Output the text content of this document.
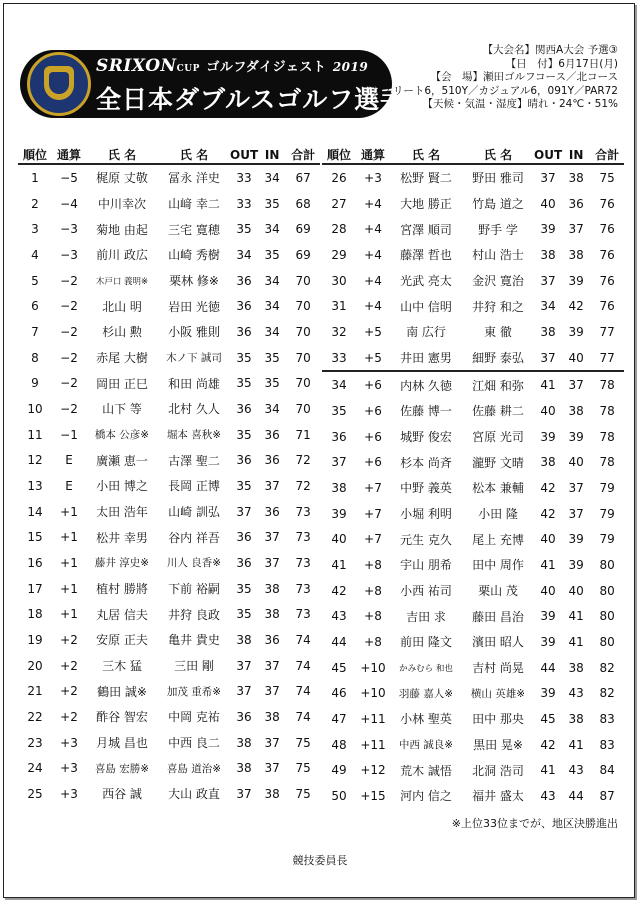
SRIXONCUP ゴルフダイジェスト 2019
全日本ダブルスゴルフ選手権
【大会名】関西A大会 予選③
【日　付】6月17日(月)
【会　場】瀬田ゴルフコース／北コース
アスリート6，510Y／カジュアル6，091Y／PAR72
【天候・気温・湿度】晴れ・24℃・51%
順位	通算	氏 名	氏 名	OUT	IN	合計
1	−5	梶原 丈敬	冨永 洋史	33	34	67
2	−4	中川幸次	山﨑 幸二	33	35	68
3	−3	菊地 由起	三宅 寛穂	35	34	69
4	−3	前川 政広	山崎 秀樹	34	35	69
5	−2	木戸口 義明※	栗林 修※	36	34	70
6	−2	北山 明	岩田 光徳	36	34	70
7	−2	杉山 勲	小阪 雅則	36	34	70
8	−2	赤尾 大樹	木ノ下 誠司	35	35	70
9	−2	岡田 正巳	和田 尚雄	35	35	70
10	−2	山下 等	北村 久人	36	34	70
11	−1	橋本 公彦※	堀本 喜秋※	35	36	71
12	E	廣瀬 恵一	古澤 聖二	36	36	72
13	E	小田 博之	長岡 正博	35	37	72
14	+1	太田 浩年	山崎 訓弘	37	36	73
15	+1	松井 幸男	谷内 祥吾	36	37	73
16	+1	藤井 淳史※	川人 良香※	36	37	73
17	+1	植村 勝將	下前 裕嗣	35	38	73
18	+1	丸居 信夫	井狩 良政	35	38	73
19	+2	安原 正夫	亀井 貴史	38	36	74
20	+2	三木 猛	三田 剛	37	37	74
21	+2	鶴田 誠※	加茂 重希※	37	37	74
22	+2	酢谷 智宏	中岡 克祐	36	38	74
23	+3	月城 昌也	中西 良二	38	37	75
24	+3	喜島 宏勝※	喜島 道治※	38	37	75
25	+3	西谷 誠	大山 政直	37	38	75
順位	通算	氏 名	氏 名	OUT	IN	合計
26	+3	松野 賢二	野田 雅司	37	38	75
27	+4	大地 勝正	竹島 道之	40	36	76
28	+4	宮澤 順司	野手 学	39	37	76
29	+4	藤澤 哲也	村山 浩士	38	38	76
30	+4	光武 亮太	金沢 寛治	37	39	76
31	+4	山中 信明	井狩 和之	34	42	76
32	+5	南 広行	東 徹	38	39	77
33	+5	井田 憲男	細野 泰弘	37	40	77
34	+6	内林 久徳	江畑 和弥	41	37	78
35	+6	佐藤 博一	佐藤 耕二	40	38	78
36	+6	城野 俊宏	宮原 光司	39	39	78
37	+6	杉本 尚斉	瀧野 文晴	38	40	78
38	+7	中野 義英	松本 兼輔	42	37	79
39	+7	小堀 利明	小田 隆	42	37	79
40	+7	元生 克久	尾上 充博	40	39	79
41	+8	宇山 朋希	田中 周作	41	39	80
42	+8	小西 祐司	栗山 茂	40	40	80
43	+8	吉田 求	藤田 昌治	39	41	80
44	+8	前田 隆文	濱田 昭人	39	41	80
45	+10	かみむら 和也	吉村 尚晃	44	38	82
46	+10	羽藤 嘉人※	横山 英雄※	39	43	82
47	+11	小林 聖英	田中 那央	45	38	83
48	+11	中西 誠良※	黒田 晃※	42	41	83
49	+12	荒木 誠悟	北洞 浩司	41	43	84
50	+15	河内 信之	福井 盛太	43	44	87
※上位33位までが、地区決勝進出
競技委員長
